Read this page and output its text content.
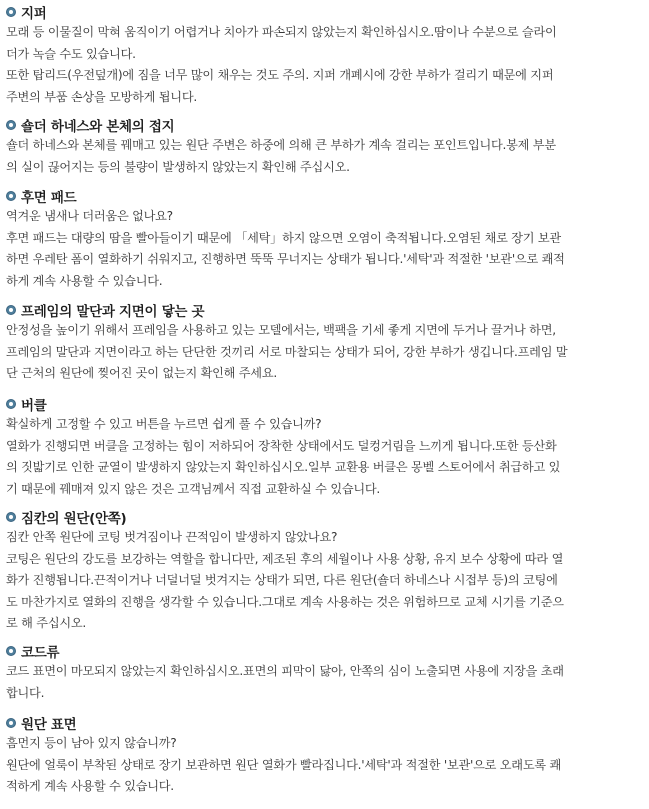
지퍼
모래 등 이물질이 막혀 움직이기 어렵거나 치아가 파손되지 않았는지 확인하십시오.땀이나 수분으로 슬라이
더가 녹슬 수도 있습니다.
또한 탑리드(우전덮개)에 짐을 너무 많이 채우는 것도 주의. 지퍼 개폐시에 강한 부하가 걸리기 때문에 지퍼
주변의 부품 손상을 모방하게 됩니다.
숄더 하네스와 본체의 접지
숄더 하네스와 본체를 꿰매고 있는 원단 주변은 하중에 의해 큰 부하가 계속 걸리는 포인트입니다.봉제 부분
의 실이 끊어지는 등의 불량이 발생하지 않았는지 확인해 주십시오.
후면 패드
역겨운 냄새나 더러움은 없나요?
후면 패드는 대량의 땀을 빨아들이기 때문에 「세탁」하지 않으면 오염이 축적됩니다.오염된 채로 장기 보관
하면 우레탄 폼이 열화하기 쉬워지고, 진행하면 뚝뚝 무너지는 상태가 됩니다.'세탁'과 적절한 '보관'으로 쾌적
하게 계속 사용할 수 있습니다.
프레임의 말단과 지면이 닿는 곳
안정성을 높이기 위해서 프레임을 사용하고 있는 모델에서는, 백팩을 기세 좋게 지면에 두거나 끌거나 하면,
프레임의 말단과 지면이라고 하는 단단한 것끼리 서로 마찰되는 상태가 되어, 강한 부하가 생깁니다.프레임 말
단 근처의 원단에 찢어진 곳이 없는지 확인해 주세요.
버클
확실하게 고정할 수 있고 버튼을 누르면 쉽게 풀 수 있습니까?
열화가 진행되면 버클을 고정하는 힘이 저하되어 장착한 상태에서도 덜컹거림을 느끼게 됩니다.또한 등산화
의 짓밟기로 인한 균열이 발생하지 않았는지 확인하십시오.일부 교환용 버클은 몽벨 스토어에서 취급하고 있
기 때문에 꿰매져 있지 않은 것은 고객님께서 직접 교환하실 수 있습니다.
짐칸의 원단(안쪽)
짐칸 안쪽 원단에 코팅 벗겨짐이나 끈적임이 발생하지 않았나요?
코팅은 원단의 강도를 보강하는 역할을 합니다만, 제조된 후의 세월이나 사용 상황, 유지 보수 상황에 따라 열
화가 진행됩니다.끈적이거나 너덜너덜 벗겨지는 상태가 되면, 다른 원단(숄더 하네스나 시접부 등)의 코팅에
도 마찬가지로 열화의 진행을 생각할 수 있습니다.그대로 계속 사용하는 것은 위험하므로 교체 시기를 기준으
로 해 주십시오.
코드류
코드 표면이 마모되지 않았는지 확인하십시오.표면의 피막이 닳아, 안쪽의 심이 노출되면 사용에 지장을 초래
합니다.
원단 표면
흠먼지 등이 남아 있지 않습니까?
원단에 얼룩이 부착된 상태로 장기 보관하면 원단 열화가 빨라집니다.'세탁'과 적절한 '보관'으로 오래도록 쾌
적하게 계속 사용할 수 있습니다.
